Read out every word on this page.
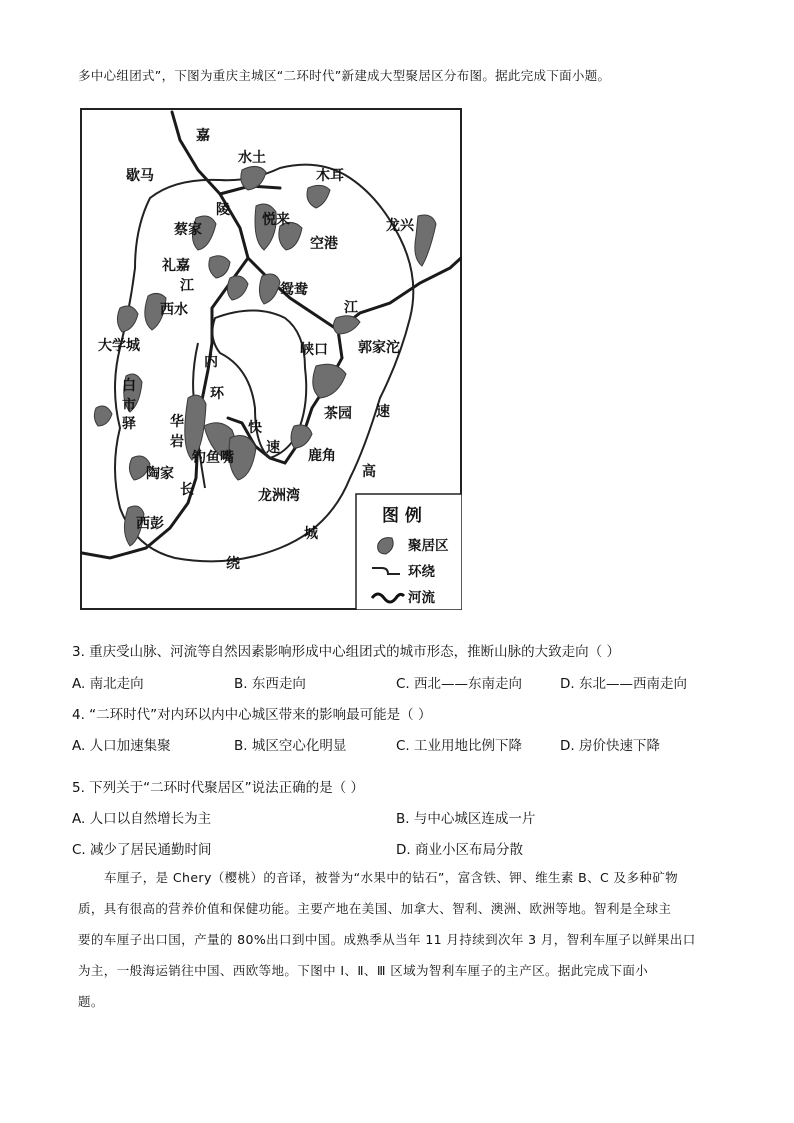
多中心组团式”，下图为重庆主城区“二环时代”新建成大型聚居区分布图。据此完成下面小题。
嘉
水土
歇马	木耳
陵
蔡家
悦来
空港
龙兴
礼嘉
江	鸳鸯
西水	江
大学城	峡口 郭家沱
内
环
白
市
驿
茶园 速
华
岩
快
速
钓鱼嘴	鹿角
陶家	高
长	龙洲湾
西彭
城
绕
图 例
聚居区
环绕
河流
3. 重庆受山脉、河流等自然因素影响形成中心组团式的城市形态，推断山脉的大致走向（ ）
A. 南北走向	B. 东西走向	C. 西北——东南走向	D. 东北——西南走向
4. “二环时代”对内环以内中心城区带来的影响最可能是（ ）
A. 人口加速集聚	B. 城区空心化明显	C. 工业用地比例下降	D. 房价快速下降
5. 下列关于“二环时代聚居区”说法正确的是（ ）
A. 人口以自然增长为主	B. 与中心城区连成一片
C. 减少了居民通勤时间	D. 商业小区布局分散
车厘子，是 Chery（樱桃）的音译，被誉为“水果中的钻石”，富含铁、钾、维生素 B、C 及多种矿物
质，具有很高的营养价值和保健功能。主要产地在美国、加拿大、智利、澳洲、欧洲等地。智利是全球主
要的车厘子出口国，产量的 80%出口到中国。成熟季从当年 11 月持续到次年 3 月，智利车厘子以鲜果出口
为主，一般海运销往中国、西欧等地。下图中 Ⅰ、Ⅱ、Ⅲ 区域为智利车厘子的主产区。据此完成下面小
题。
